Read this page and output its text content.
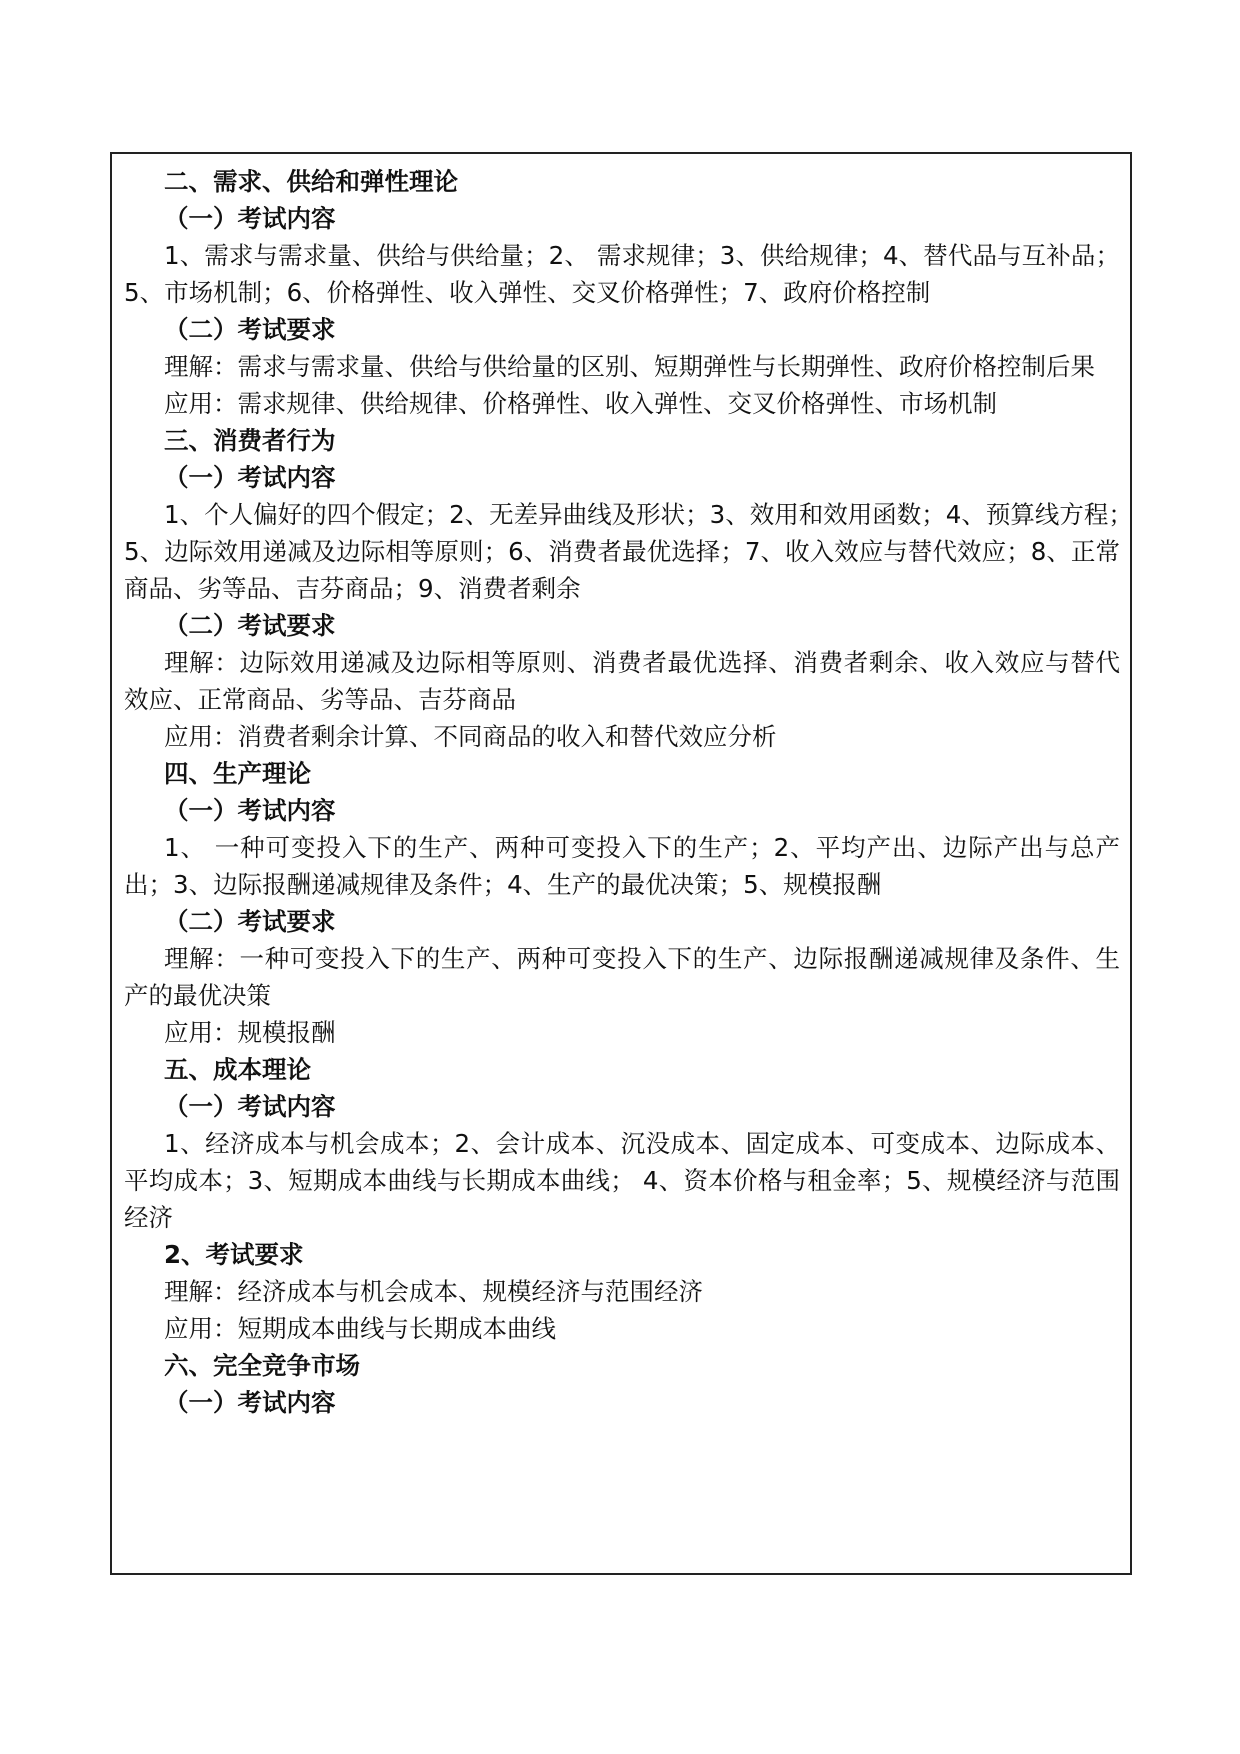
二、需求、供给和弹性理论
（一）考试内容
1、需求与需求量、供给与供给量；2、 需求规律；3、供给规律；4、替代品与互补品；
5、市场机制；6、价格弹性、收入弹性、交叉价格弹性；7、政府价格控制
（二）考试要求
理解：需求与需求量、供给与供给量的区别、短期弹性与长期弹性、政府价格控制后果
应用：需求规律、供给规律、价格弹性、收入弹性、交叉价格弹性、市场机制
三、消费者行为
（一）考试内容
1、个人偏好的四个假定；2、无差异曲线及形状；3、效用和效用函数；4、预算线方程；
5、边际效用递减及边际相等原则；6、消费者最优选择；7、收入效应与替代效应；8、正常
商品、劣等品、吉芬商品；9、消费者剩余
（二）考试要求
理解：边际效用递减及边际相等原则、消费者最优选择、消费者剩余、收入效应与替代
效应、正常商品、劣等品、吉芬商品
应用：消费者剩余计算、不同商品的收入和替代效应分析
四、生产理论
（一）考试内容
1、 一种可变投入下的生产、两种可变投入下的生产；2、平均产出、边际产出与总产
出；3、边际报酬递减规律及条件；4、生产的最优决策；5、规模报酬
（二）考试要求
理解：一种可变投入下的生产、两种可变投入下的生产、边际报酬递减规律及条件、生
产的最优决策
应用：规模报酬
五、成本理论
（一）考试内容
1、经济成本与机会成本；2、会计成本、沉没成本、固定成本、可变成本、边际成本、
平均成本；3、短期成本曲线与长期成本曲线； 4、资本价格与租金率；5、规模经济与范围
经济
2、考试要求
理解：经济成本与机会成本、规模经济与范围经济
应用：短期成本曲线与长期成本曲线
六、完全竞争市场
（一）考试内容
